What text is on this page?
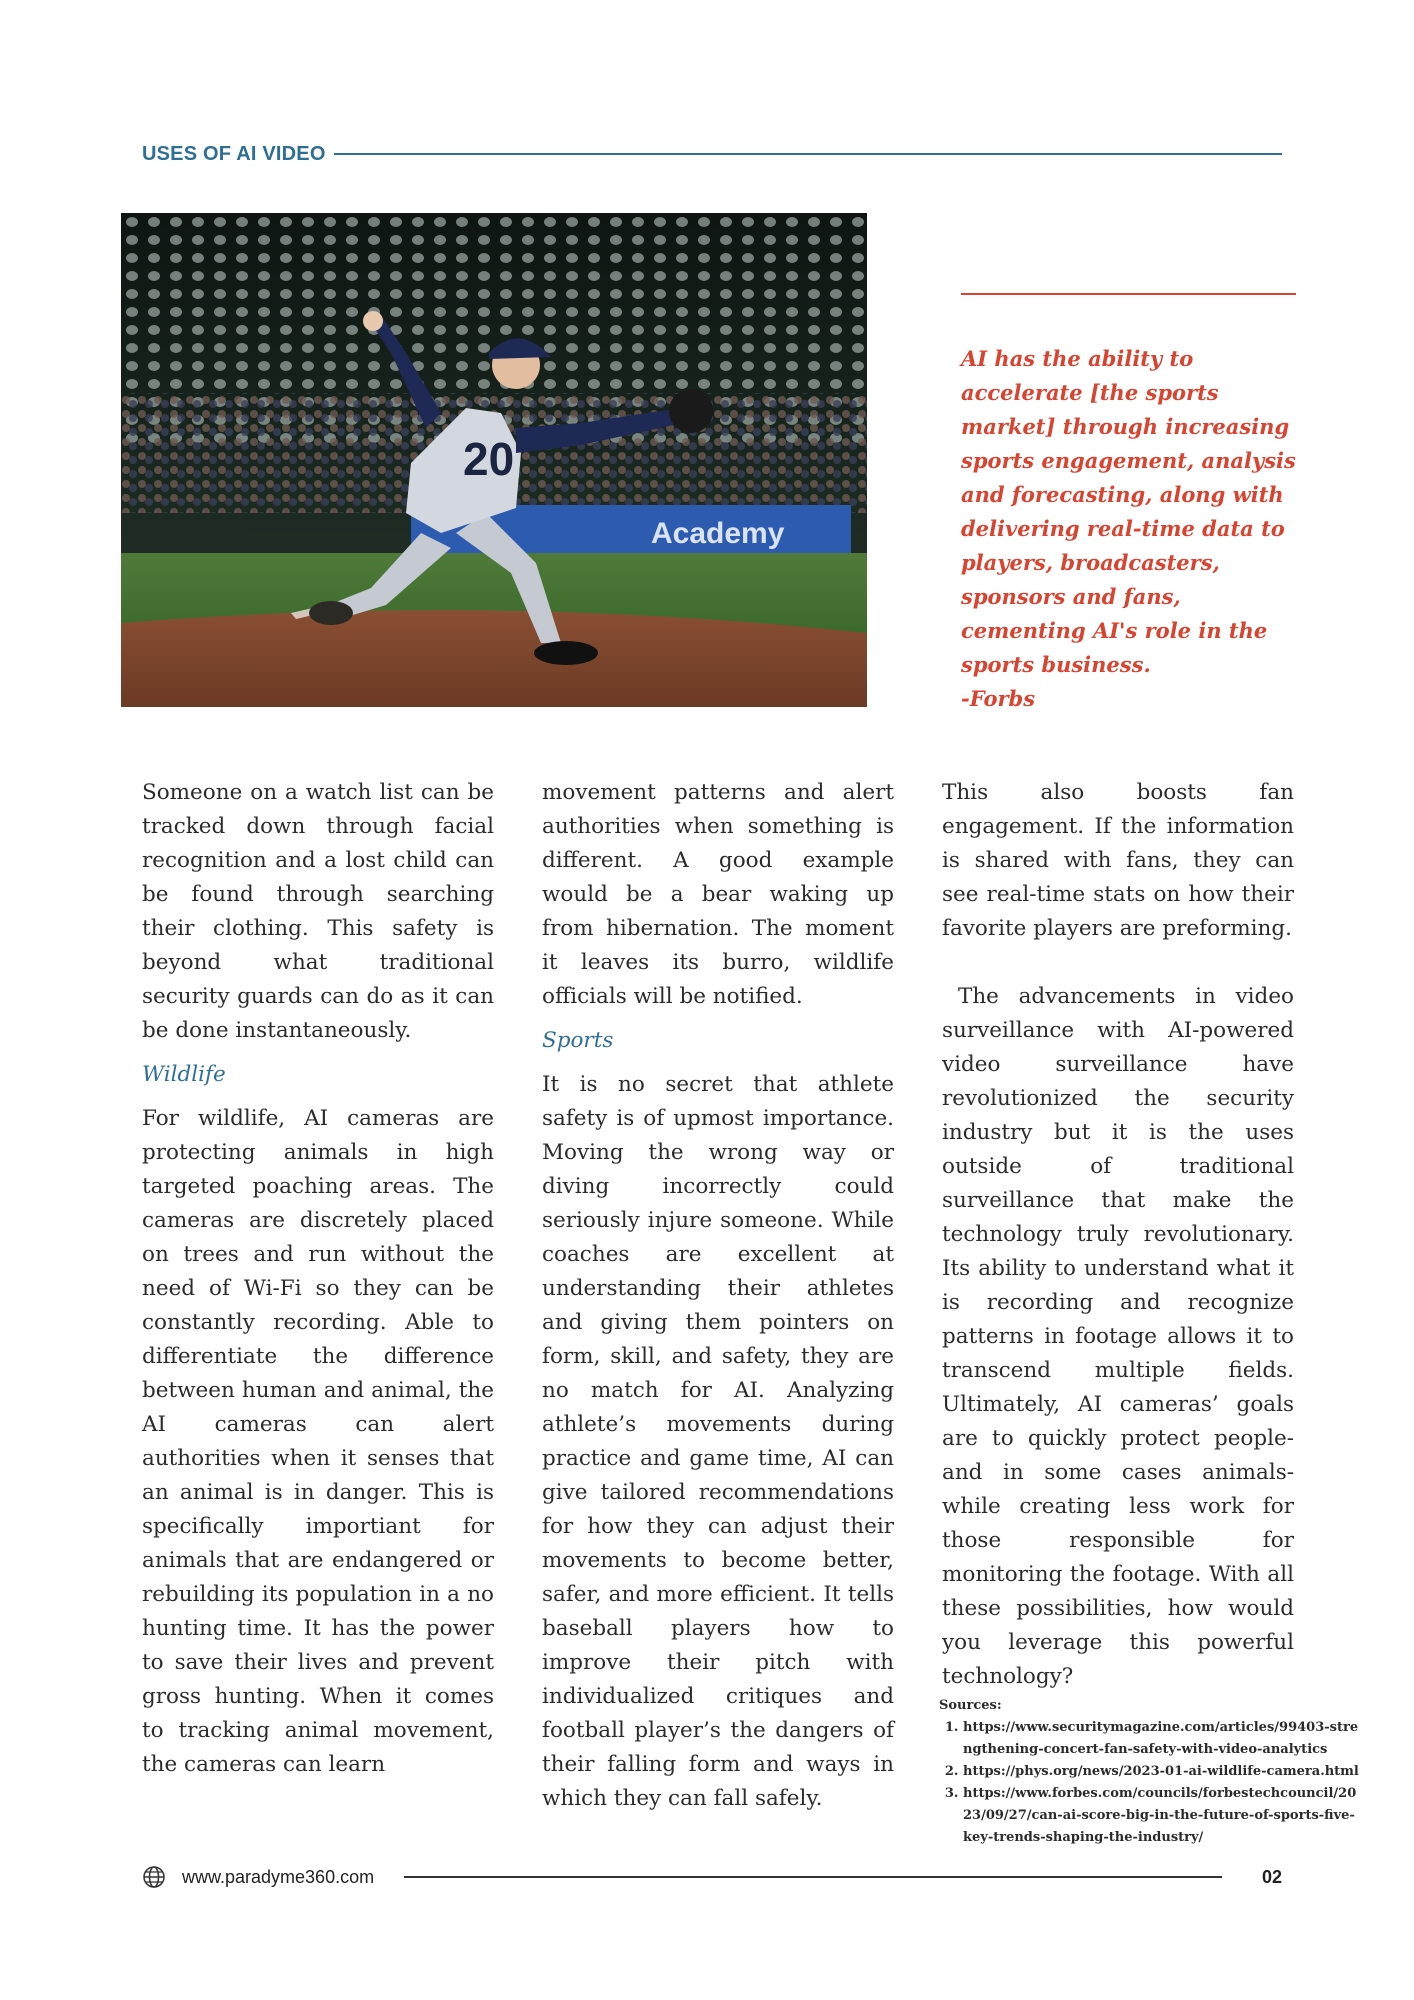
USES OF AI VIDEO
Academy
20
AI has the ability to accelerate [the sports market] through increasing sports engagement, analysis and forecasting, along with delivering real-time data to players, broadcasters, sponsors and fans, cementing AI's role in the sports business.
-Forbs

Someone on a watch list can be tracked down through facial recognition and a lost child can be found through searching their clothing. This safety is beyond what traditional security guards can do as it can be done instantaneously.

Wildlife

For wildlife, AI cameras are protecting animals in high targeted poaching areas. The cameras are discretely placed on trees and run without the need of Wi-Fi so they can be constantly recording. Able to differentiate the difference between human and animal, the AI cameras can alert authorities when it senses that an animal is in danger. This is specifically importiant for animals that are endangered or rebuilding its population in a no hunting time. It has the power to save their lives and prevent gross hunting. When it comes to tracking animal movement, the cameras can learn

movement patterns and alert authorities when something is different. A good example would be a bear waking up from hibernation. The moment it leaves its burro, wildlife officials will be notified.

Sports

It is no secret that athlete safety is of upmost importance. Moving the wrong way or diving incorrectly could seriously injure someone. While coaches are excellent at understanding their athletes and giving them pointers on form, skill, and safety, they are no match for AI. Analyzing athlete’s movements during practice and game time, AI can give tailored recommendations for how they can adjust their movements to become better, safer, and more efficient. It tells baseball players how to improve their pitch with individualized critiques and football player’s the dangers of their falling form and ways in which they can fall safely.

This also boosts fan engagement. If the information is shared with fans, they can see real-time stats on how their favorite players are preforming.

The advancements in video surveillance with AI-powered video surveillance have revolutionized the security industry but it is the uses outside of traditional surveillance that make the technology truly revolutionary. Its ability to understand what it is recording and recognize patterns in footage allows it to transcend multiple fields. Ultimately, AI cameras’ goals are to quickly protect people- and in some cases animals- while creating less work for those responsible for monitoring the footage. With all these possibilities, how would you leverage this powerful technology?

Sources:
1. https://www.securitymagazine.com/articles/99403-strengthening-concert-fan-safety-with-video-analytics
2. https://phys.org/news/2023-01-ai-wildlife-camera.html
3. https://www.forbes.com/councils/forbestechcouncil/2023/09/27/can-ai-score-big-in-the-future-of-sports-five-key-trends-shaping-the-industry/
www.paradyme360.com	02
